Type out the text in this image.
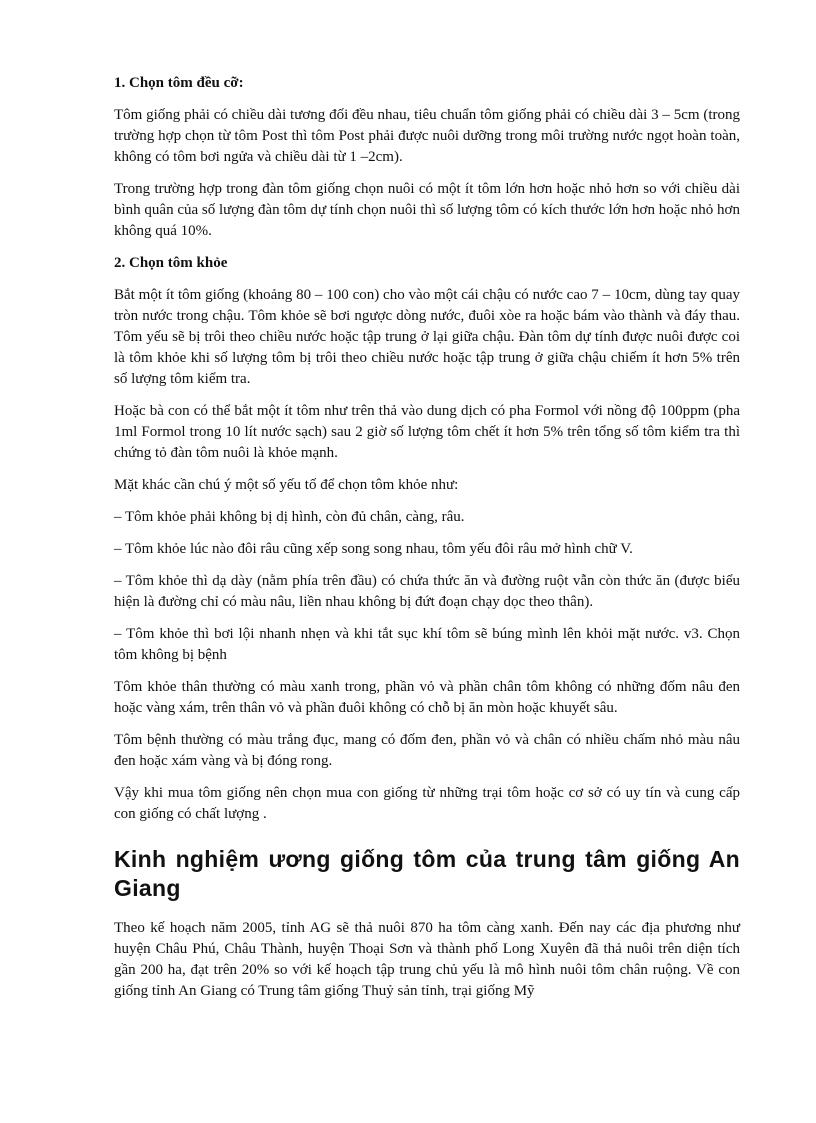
1. Chọn tôm đều cỡ:

Tôm giống phải có chiều dài tương đối đều nhau, tiêu chuẩn tôm giống phải có chiều dài 3 – 5cm (trong trường hợp chọn từ tôm Post thì tôm Post phải được nuôi dưỡng trong môi trường nước ngọt hoàn toàn, không có tôm bơi ngửa và chiều dài từ 1 –2cm).

Trong trường hợp trong đàn tôm giống chọn nuôi có một ít tôm lớn hơn hoặc nhỏ hơn so với chiều dài bình quân của số lượng đàn tôm dự tính chọn nuôi thì số lượng tôm có kích thước lớn hơn hoặc nhỏ hơn không quá 10%.

2. Chọn tôm khỏe

Bắt một ít tôm giống (khoảng 80 – 100 con) cho vào một cái chậu có nước cao 7 – 10cm, dùng tay quay tròn nước trong chậu. Tôm khỏe sẽ bơi ngược dòng nước, đuôi xòe ra hoặc bám vào thành và đáy thau. Tôm yếu sẽ bị trôi theo chiều nước hoặc tập trung ở lại giữa chậu. Đàn tôm dự tính được nuôi được coi là tôm khỏe khi số lượng tôm bị trôi theo chiều nước hoặc tập trung ở giữa chậu chiếm ít hơn 5% trên số lượng tôm kiểm tra.

Hoặc bà con có thể bắt một ít tôm như trên thả vào dung dịch có pha Formol với nồng độ 100ppm (pha 1ml Formol trong 10 lít nước sạch) sau 2 giờ số lượng tôm chết ít hơn 5% trên tổng số tôm kiểm tra thì chứng tỏ đàn tôm nuôi là khỏe mạnh.

Mặt khác cần chú ý một số yếu tố để chọn tôm khỏe như:

– Tôm khỏe phải không bị dị hình, còn đủ chân, càng, râu.

– Tôm khỏe lúc nào đôi râu cũng xếp song song nhau, tôm yếu đôi râu mở hình chữ V.

– Tôm khỏe thì dạ dày (nằm phía trên đầu) có chứa thức ăn và đường ruột vẫn còn thức ăn (được biểu hiện là đường chỉ có màu nâu, liền nhau không bị đứt đoạn chạy dọc theo thân).

– Tôm khỏe thì bơi lội nhanh nhẹn và khi tắt sục khí tôm sẽ búng mình lên khỏi mặt nước. v3. Chọn tôm không bị bệnh

Tôm khỏe thân thường có màu xanh trong, phần vỏ và phần chân tôm không có những đốm nâu đen hoặc vàng xám, trên thân vỏ và phần đuôi không có chỗ bị ăn mòn hoặc khuyết sâu.

Tôm bệnh thường có màu trắng đục, mang có đốm đen, phần vỏ và chân có nhiều chấm nhỏ màu nâu đen hoặc xám vàng và bị đóng rong.

Vậy khi mua tôm giống nên chọn mua con giống từ những trại tôm hoặc cơ sở có uy tín và cung cấp con giống có chất lượng .

Kinh nghiệm ương giống tôm của trung tâm giống An Giang

Theo kế hoạch năm 2005, tỉnh AG sẽ thả nuôi 870 ha tôm càng xanh. Đến nay các địa phương như huyện Châu Phú, Châu Thành, huyện Thoại Sơn và thành phố Long Xuyên đã thả nuôi trên diện tích gần 200 ha, đạt trên 20% so với kế hoạch tập trung chủ yếu là mô hình nuôi tôm chân ruộng. Về con giống tỉnh An Giang có Trung tâm giống Thuỷ sản tỉnh, trại giống Mỹ
